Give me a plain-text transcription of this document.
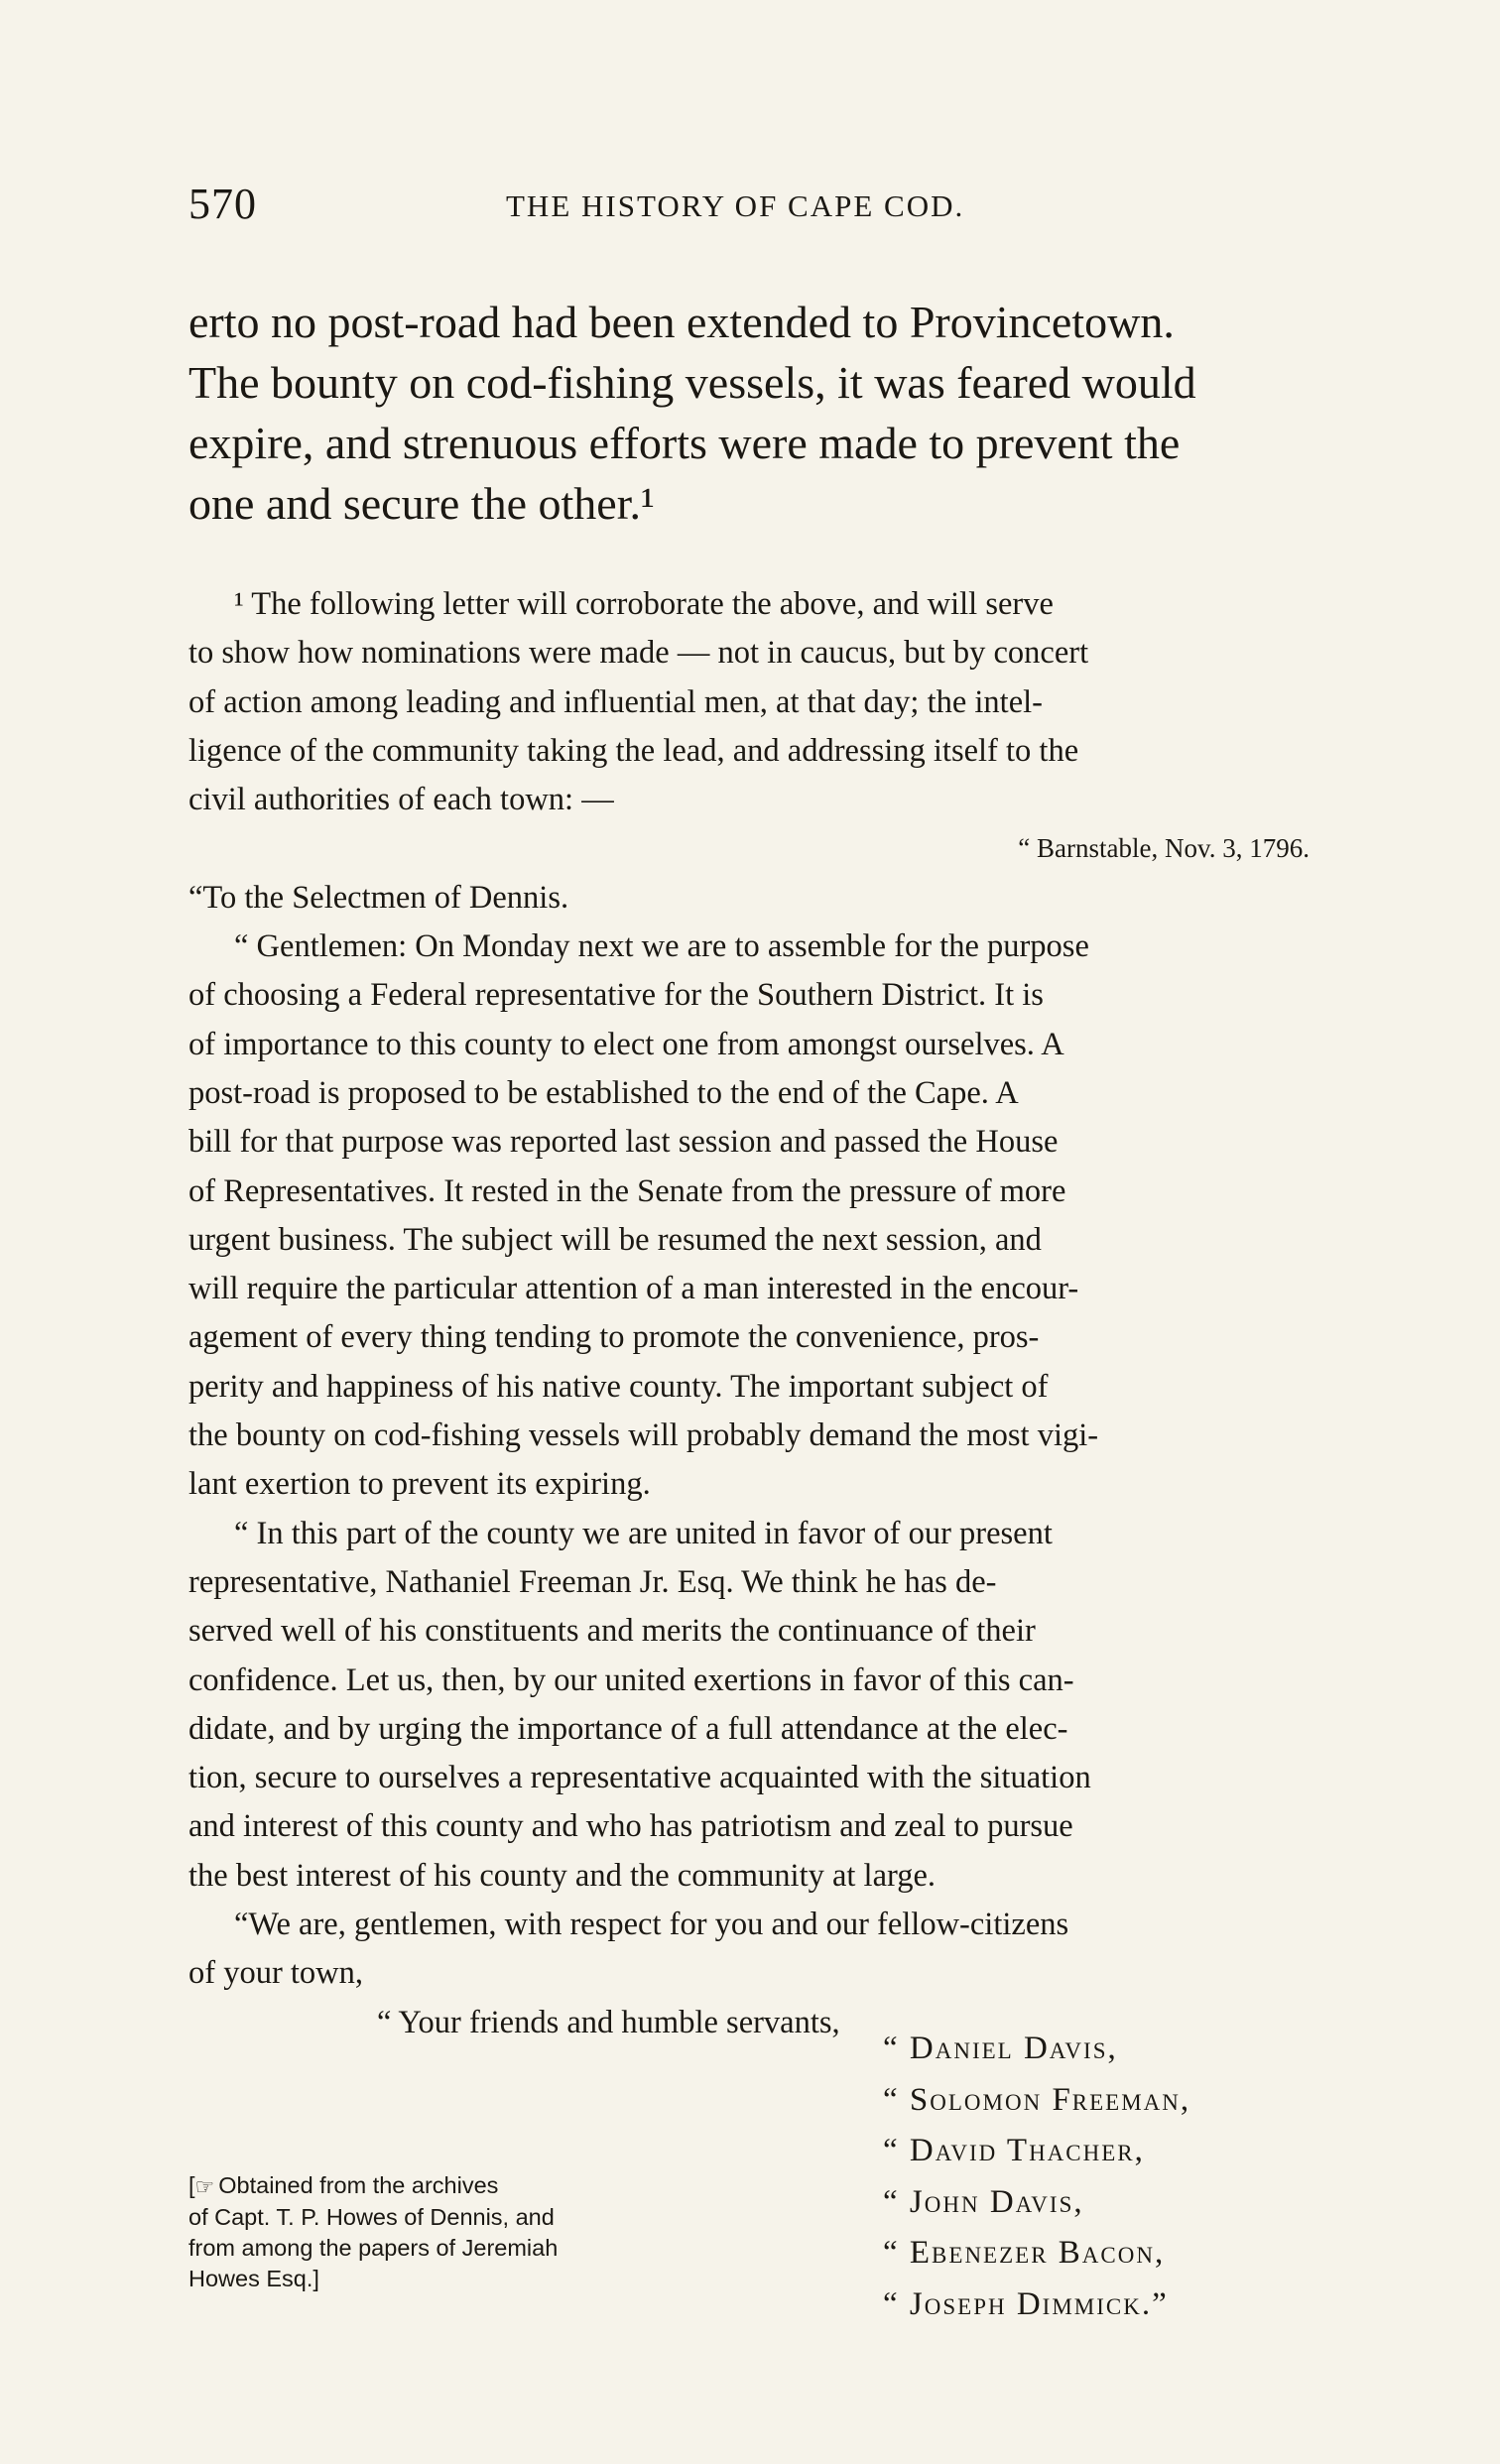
570	THE HISTORY OF CAPE COD.

erto no post-road had been extended to Provincetown.

The bounty on cod-fishing vessels, it was feared would

expire, and strenuous efforts were made to prevent the

one and secure the other.¹

¹ The following letter will corroborate the above, and will serve

to show how nominations were made — not in caucus, but by concert

of action among leading and influential men, at that day; the intel-

ligence of the community taking the lead, and addressing itself to the

civil authorities of each town: —

“ Barnstable, Nov. 3, 1796.

“To the Selectmen of Dennis.

“ Gentlemen: On Monday next we are to assemble for the purpose

of choosing a Federal representative for the Southern District. It is

of importance to this county to elect one from amongst ourselves. A

post-road is proposed to be established to the end of the Cape. A

bill for that purpose was reported last session and passed the House

of Representatives. It rested in the Senate from the pressure of more

urgent business. The subject will be resumed the next session, and

will require the particular attention of a man interested in the encour-

agement of every thing tending to promote the convenience, pros-

perity and happiness of his native county. The important subject of

the bounty on cod-fishing vessels will probably demand the most vigi-

lant exertion to prevent its expiring.

“ In this part of the county we are united in favor of our present

representative, Nathaniel Freeman Jr. Esq. We think he has de-

served well of his constituents and merits the continuance of their

confidence. Let us, then, by our united exertions in favor of this can-

didate, and by urging the importance of a full attendance at the elec-

tion, secure to ourselves a representative acquainted with the situation

and interest of this county and who has patriotism and zeal to pursue

the best interest of his county and the community at large.

“We are, gentlemen, with respect for you and our fellow-citizens

of your town,

“ Your friends and humble servants,

“ Daniel Davis,

“ Solomon Freeman,

“ David Thacher,

“ John Davis,

“ Ebenezer Bacon,

“ Joseph Dimmick.”

[☞ Obtained from the archives

of Capt. T. P. Howes of Dennis, and

from among the papers of Jeremiah

Howes Esq.]
